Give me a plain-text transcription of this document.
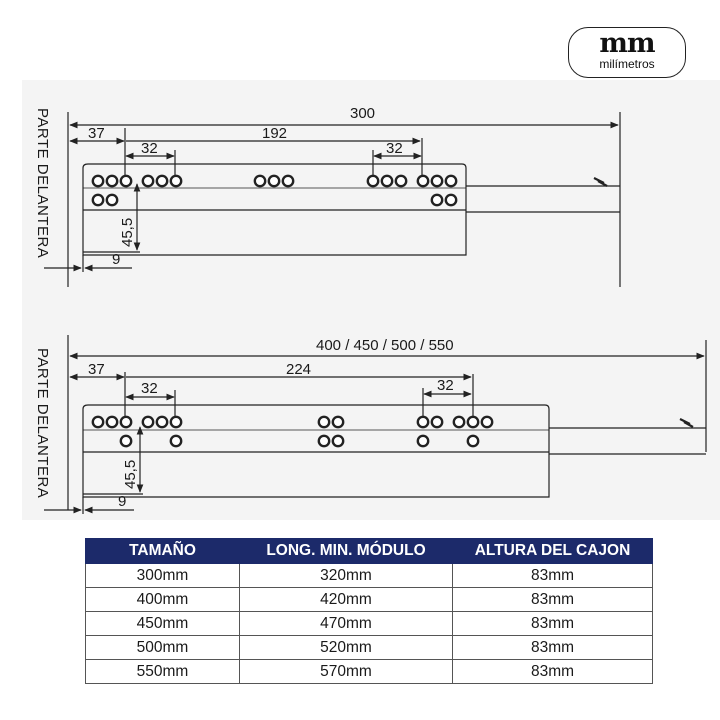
mm
milímetros
300
37	192
32	32
9
45,5
PARTE DELANTERA
400 / 450 / 500 / 550
37	224
32	32
9
45,5
PARTE DELANTERA
TAMAÑO	LONG. MIN. MÓDULO	ALTURA DEL CAJON
300mm	320mm	83mm
400mm	420mm	83mm
450mm	470mm	83mm
500mm	520mm	83mm
550mm	570mm	83mm
